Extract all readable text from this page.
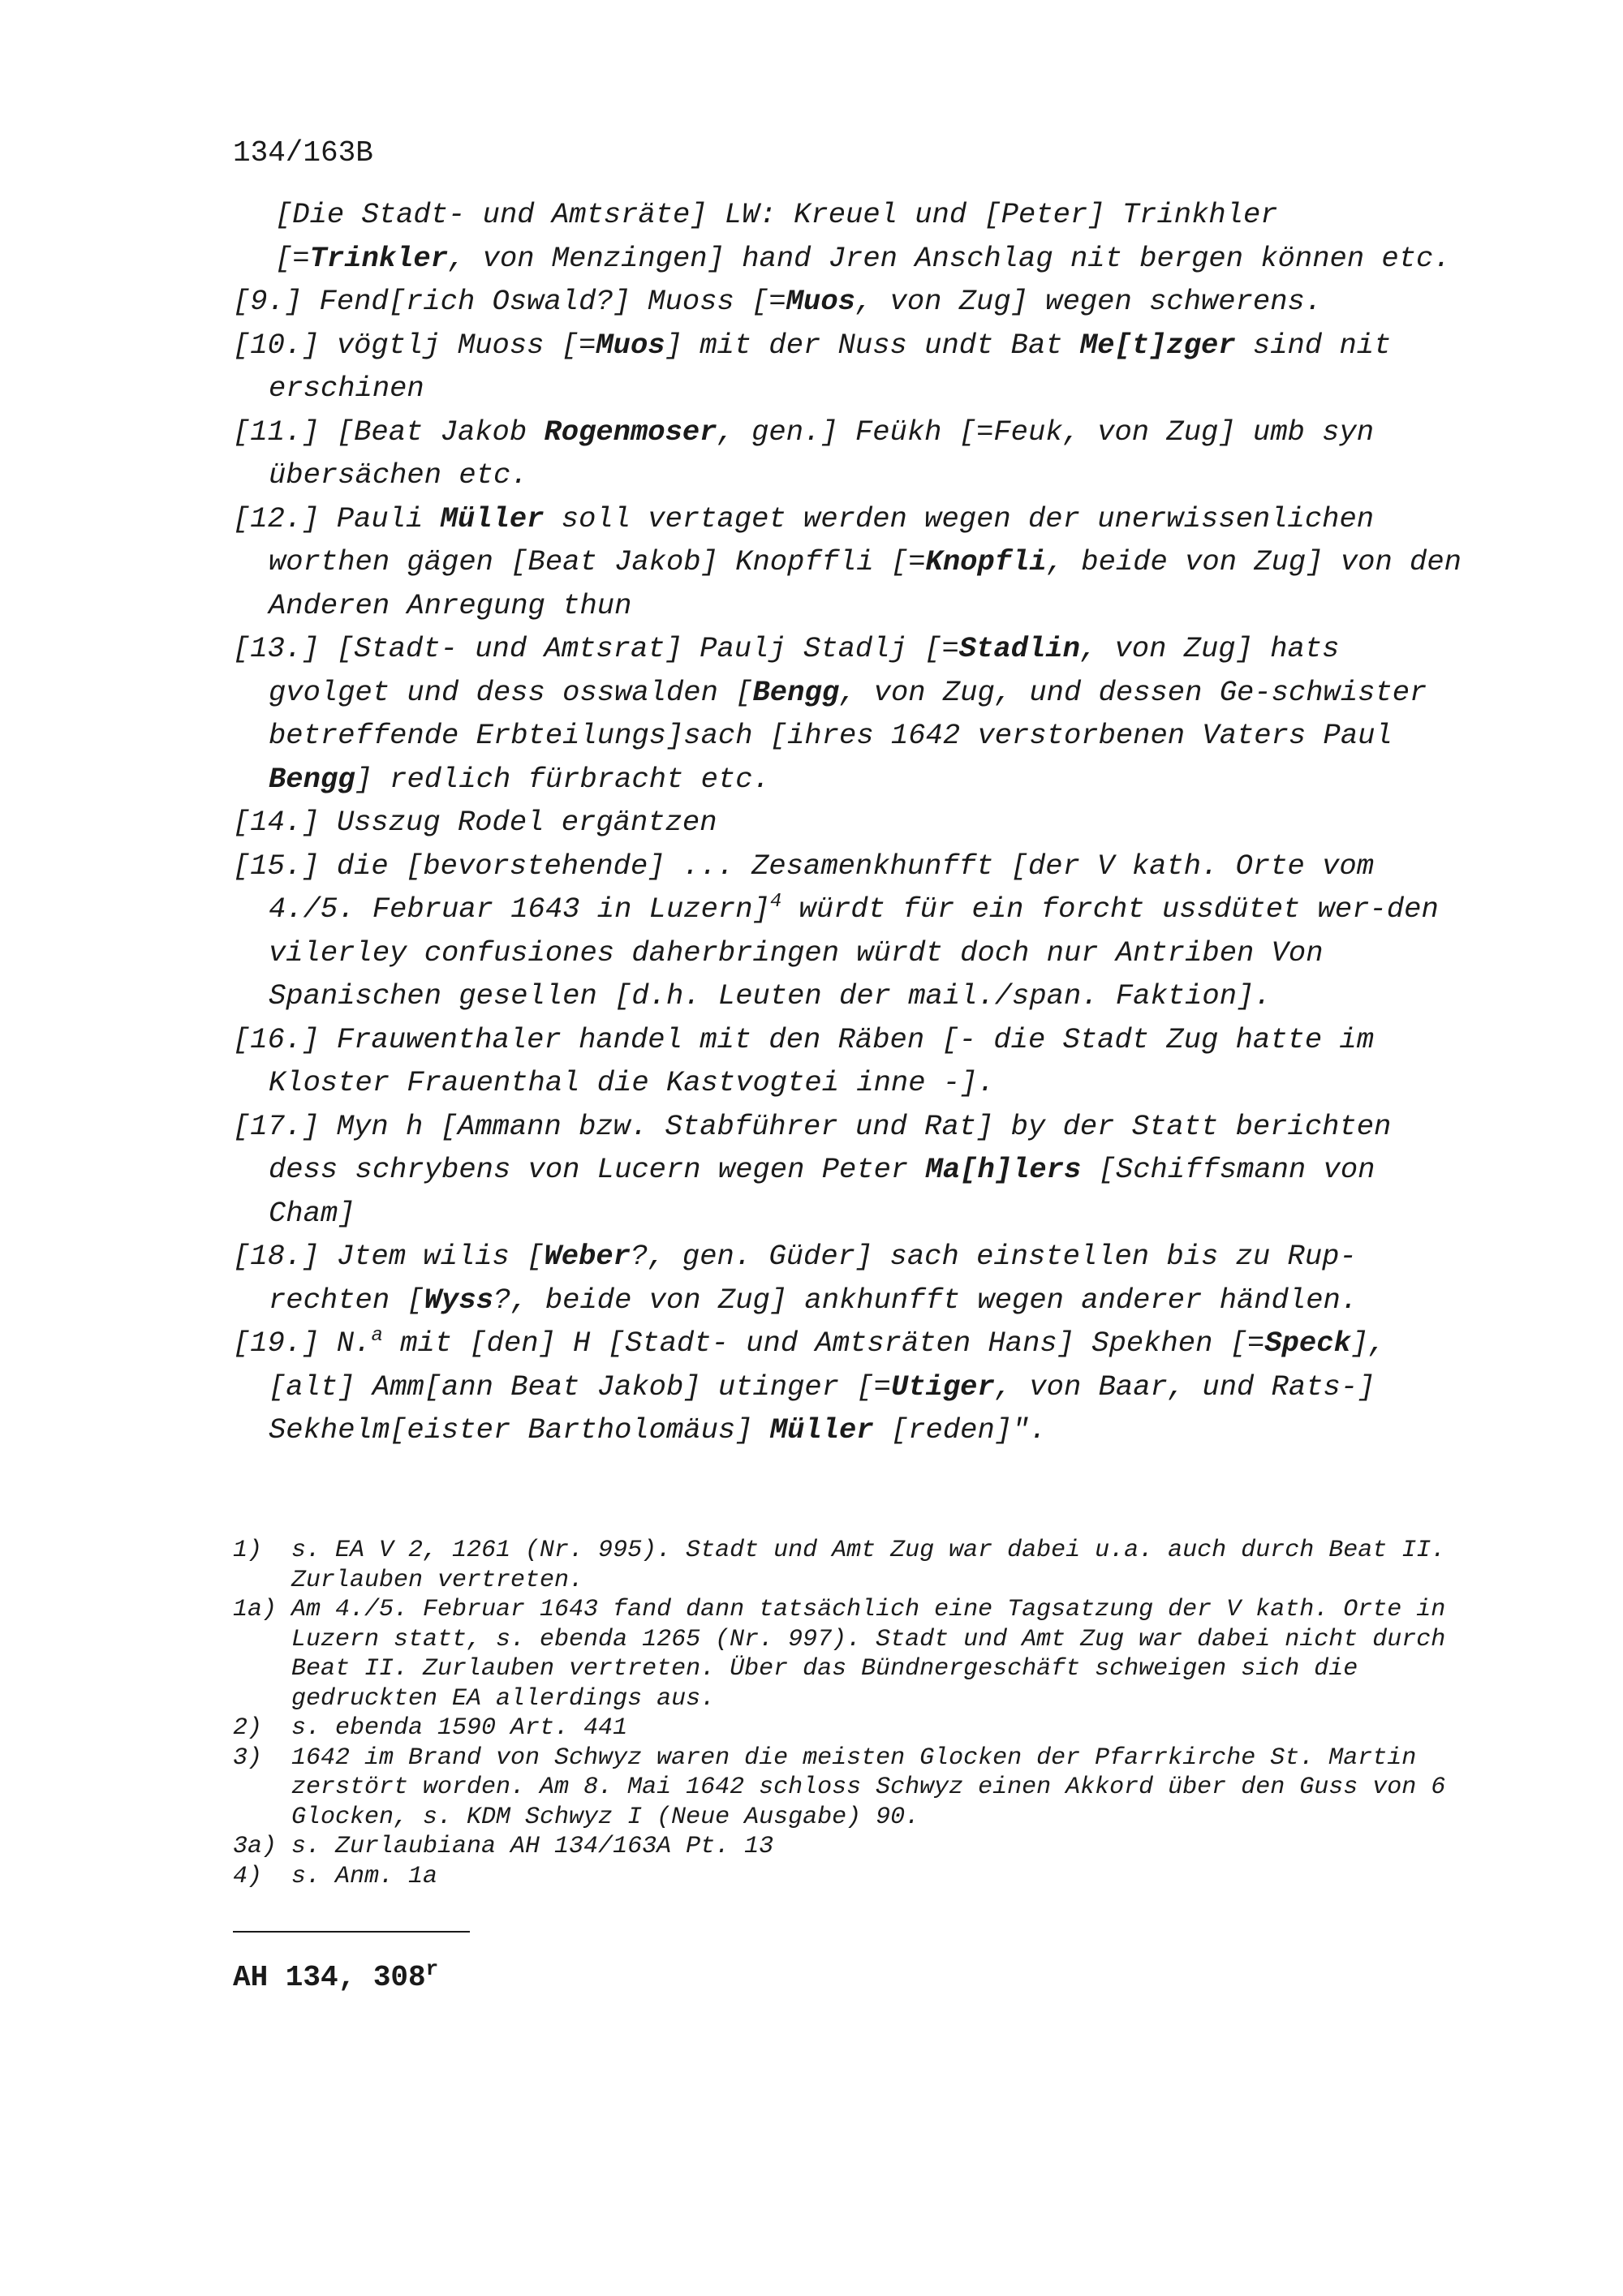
134/163B

[Die Stadt- und Amtsräte] LW: Kreuel und [Peter] Trinkhler [=Trinkler, von Menzingen] hand Jren Anschlag nit bergen können etc.

[9.] Fend[rich Oswald?] Muoss [=Muos, von Zug] wegen schwerens.

[10.] vögtlj Muoss [=Muos] mit der Nuss undt Bat Me[t]zger sind nit erschinen

[11.] [Beat Jakob Rogenmoser, gen.] Feükh [=Feuk, von Zug] umb syn übersächen etc.

[12.] Pauli Müller soll vertaget werden wegen der unerwissenlichen worthen gägen [Beat Jakob] Knopffli [=Knopfli, beide von Zug] von den Anderen Anregung thun

[13.] [Stadt- und Amtsrat] Paulj Stadlj [=Stadlin, von Zug] hats gvolget und dess osswalden [Bengg, von Zug, und dessen Ge-schwister betreffende Erbteilungs]sach [ihres 1642 verstorbenen Vaters Paul Bengg] redlich fürbracht etc.

[14.] Usszug Rodel ergäntzen

[15.] die [bevorstehende] ... Zesamenkhunfft [der V kath. Orte vom 4./5. Februar 1643 in Luzern]$^4$ würdt für ein forcht ussdütet wer-den vilerley confusiones daherbringen würdt doch nur Antriben Von Spanischen gesellen [d.h. Leuten der mail./span. Faktion].

[16.] Frauwenthaler handel mit den Räben [- die Stadt Zug hatte im Kloster Frauenthal die Kastvogtei inne -].

[17.] Myn h [Ammann bzw. Stabführer und Rat] by der Statt berichten dess schrybens von Lucern wegen Peter Ma[h]lers [Schiffsmann von Cham]

[18.] Jtem wilis [Weber?, gen. Güder] sach einstellen bis zu Rup-rechten [Wyss?, beide von Zug] ankhunfft wegen anderer händlen.

[19.] N.$^a$ mit [den] H [Stadt- und Amtsräten Hans] Spekhen [=Speck], [alt] Amm[ann Beat Jakob] utinger [=Utiger, von Baar, und Rats-] Sekhelm[eister Bartholomäus] Müller [reden]".

1)	s. EA V 2, 1261 (Nr. 995). Stadt und Amt Zug war dabei u.a. auch durch Beat II. Zurlauben vertreten.
1a) Am 4./5. Februar 1643 fand dann tatsächlich eine Tagsatzung der V kath. Orte in Luzern statt, s. ebenda 1265 (Nr. 997). Stadt und Amt Zug war dabei nicht durch Beat II. Zurlauben vertreten. Über das Bündnergeschäft schweigen sich die gedruckten EA allerdings aus.
2)	s. ebenda 1590 Art. 441
3)	1642 im Brand von Schwyz waren die meisten Glocken der Pfarrkirche St. Martin zerstört worden. Am 8. Mai 1642 schloss Schwyz einen Akkord über den Guss von 6 Glocken, s. KDM Schwyz I (Neue Ausgabe) 90.
3a) s. Zurlaubiana AH 134/163A Pt. 13
4)	s. Anm. 1a
AH 134, 308$^r$
